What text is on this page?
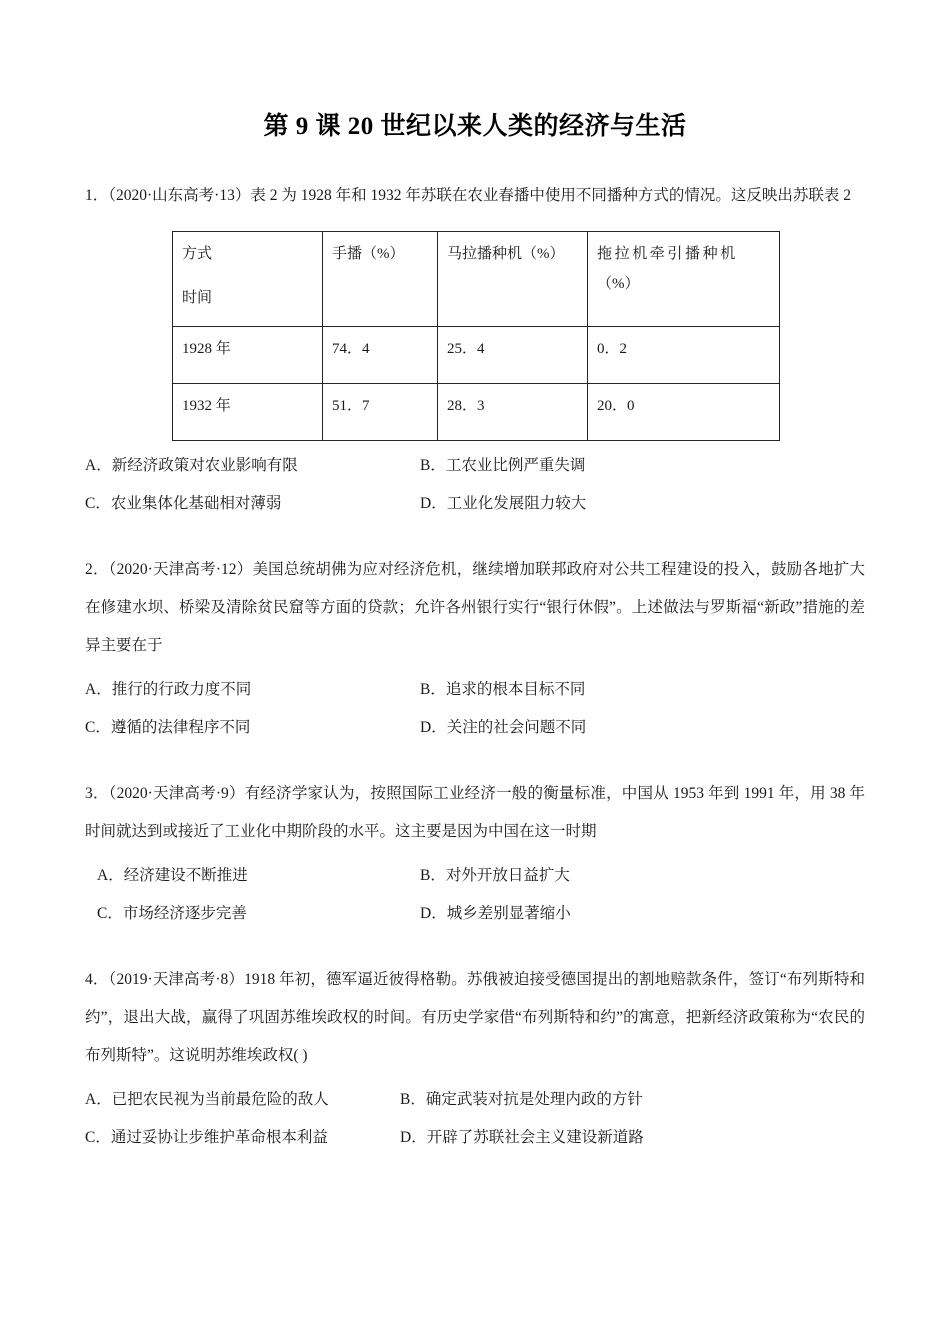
第 9 课 20 世纪以来人类的经济与生活

1．（2020·山东高考·13）表 2 为 1928 年和 1932 年苏联在农业春播中使用不同播种方式的情况。这反映出苏联表 2

方式
时间	手播（%）	马拉播种机（%）	拖拉机牵引播种机
（%）

1928 年	74．4	25．4	0．2
1932 年	51．7	28．3	20．0
A．新经济政策对农业影响有限	B．工农业比例严重失调
C．农业集体化基础相对薄弱	D．工业化发展阻力较大

2．（2020·天津高考·12）美国总统胡佛为应对经济危机，继续增加联邦政府对公共工程建设的投入，鼓励各地扩大在修建水坝、桥梁及清除贫民窟等方面的贷款；允许各州银行实行“银行休假”。上述做法与罗斯福“新政”措施的差异主要在于

A．推行的行政力度不同	B．追求的根本目标不同
C．遵循的法律程序不同	D．关注的社会问题不同

3．（2020·天津高考·9）有经济学家认为，按照国际工业经济一般的衡量标准，中国从 1953 年到 1991 年，用 38 年时间就达到或接近了工业化中期阶段的水平。这主要是因为中国在这一时期

A．经济建设不断推进	B．对外开放日益扩大
C．市场经济逐步完善	D．城乡差别显著缩小

4．（2019·天津高考·8）1918 年初，德军逼近彼得格勒。苏俄被迫接受德国提出的割地赔款条件，签订“布列斯特和约”，退出大战，赢得了巩固苏维埃政权的时间。有历史学家借“布列斯特和约”的寓意，把新经济政策称为“农民的布列斯特”。这说明苏维埃政权( )

A．已把农民视为当前最危险的敌人	B．确定武装对抗是处理内政的方针
C．通过妥协让步维护革命根本利益	D．开辟了苏联社会主义建设新道路
